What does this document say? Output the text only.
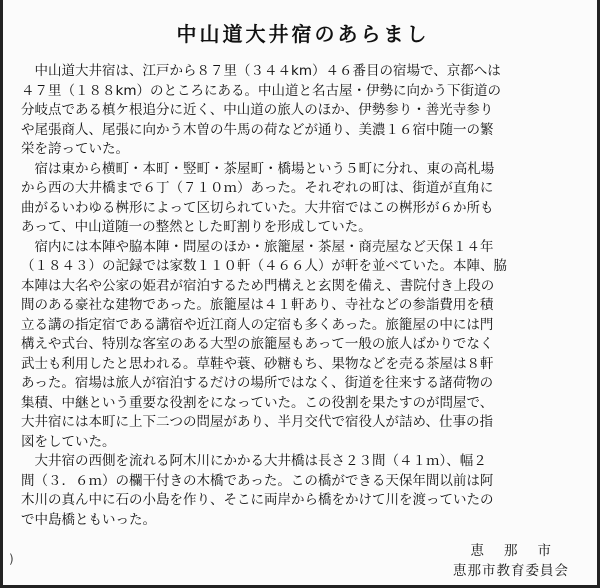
中山道大井宿のあらまし
　中山道大井宿は、江戸から８７里（３４４km）４６番目の宿場で、京都へは
４７里（１８８km）のところにある。中山道と名古屋・伊勢に向かう下街道の
分岐点である槙ケ根追分に近く、中山道の旅人のほか、伊勢参り・善光寺参り
や尾張商人、尾張に向かう木曽の牛馬の荷などが通り、美濃１６宿中随一の繁
栄を誇っていた。
　宿は東から横町・本町・竪町・茶屋町・橋場という５町に分れ、東の高札場
から西の大井橋まで６丁（７１０ｍ）あった。それぞれの町は、街道が直角に
曲がるいわゆる桝形によって区切られていた。大井宿ではこの桝形が６か所も
あって、中山道随一の整然とした町割りを形成していた。
　宿内には本陣や脇本陣・問屋のほか・旅籠屋・茶屋・商売屋など天保１４年
（１８４３）の記録では家数１１０軒（４６６人）が軒を並べていた。本陣、脇
本陣は大名や公家の姫君が宿泊するため門構えと玄関を備え、書院付き上段の
間のある豪社な建物であった。旅籠屋は４１軒あり、寺社などの参詣費用を積
立る講の指定宿である講宿や近江商人の定宿も多くあった。旅籠屋の中には門
構えや式台、特別な客室のある大型の旅籠屋もあって一般の旅人ばかりでなく
武士も利用したと思われる。草鞋や蓑、砂糖もち、果物などを売る茶屋は８軒
あった。宿場は旅人が宿泊するだけの場所ではなく、街道を往来する諸荷物の
集積、中継という重要な役割をになっていた。この役割を果たすのが問屋で、
大井宿には本町に上下二つの問屋があり、半月交代で宿役人が詰め、仕事の指
図をしていた。
　大井宿の西側を流れる阿木川にかかる大井橋は長さ２３間（４１ｍ）、幅２
間（３．６ｍ）の欄干付きの木橋であった。この橋ができる天保年間以前は阿
木川の真ん中に石の小島を作り、そこに両岸から橋をかけて川を渡っていたの
で中島橋ともいった。
)	恵那市
恵那市教育委員会
